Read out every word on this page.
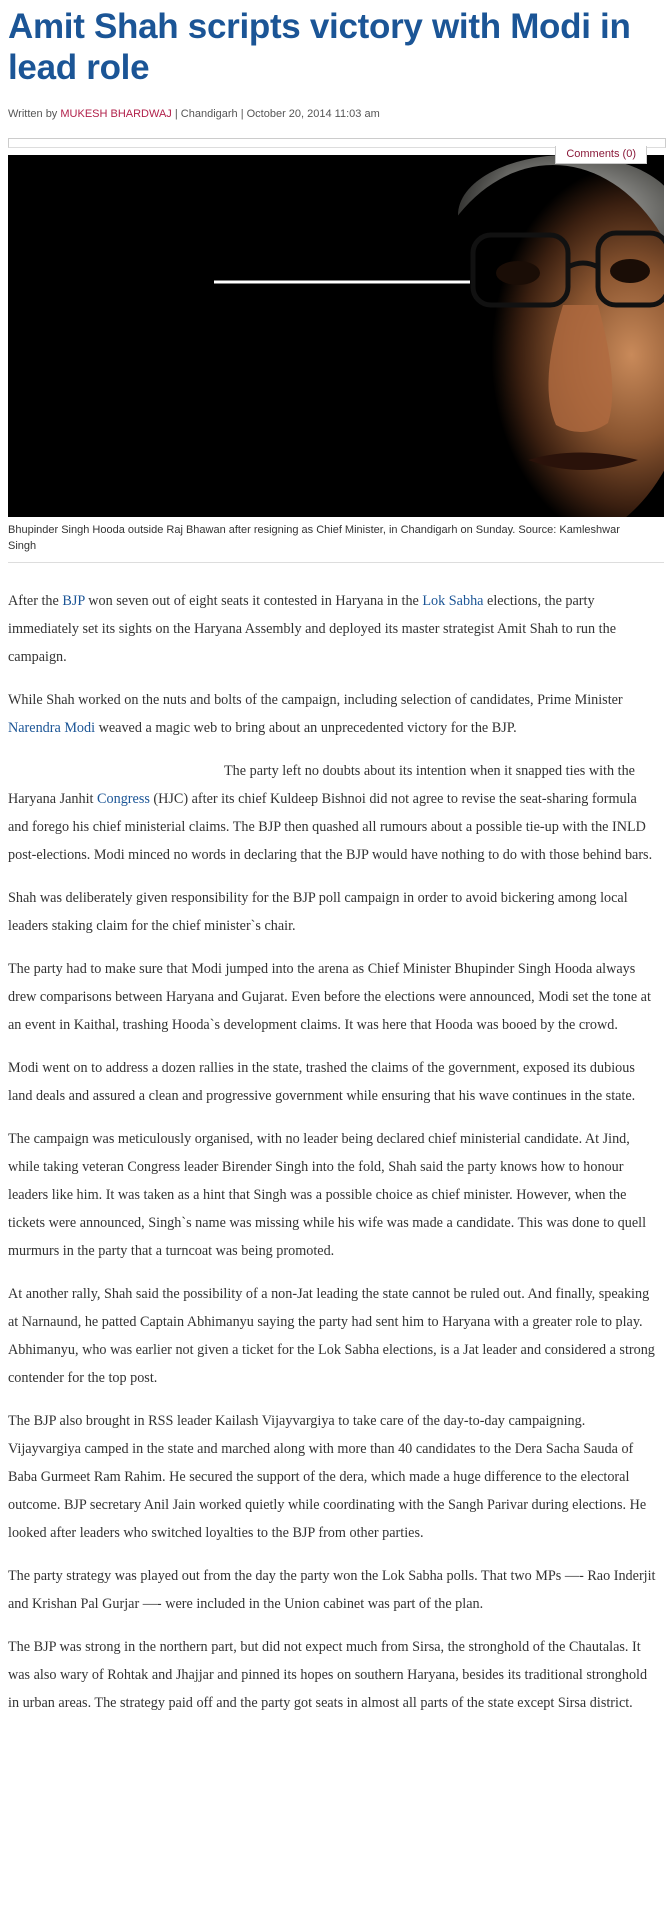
Amit Shah scripts victory with Modi in lead role
Written by MUKESH BHARDWAJ | Chandigarh | October 20, 2014 11:03 am
Comments (0)
Bhupinder Singh Hooda outside Raj Bhawan after resigning as Chief Minister, in Chandigarh on Sunday. Source: Kamleshwar Singh

After the BJP won seven out of eight seats it contested in Haryana in the Lok Sabha elections, the party immediately set its sights on the Haryana Assembly and deployed its master strategist Amit Shah to run the campaign.

While Shah worked on the nuts and bolts of the campaign, including selection of candidates, Prime Minister Narendra Modi weaved a magic web to bring about an unprecedented victory for the BJP.

The party left no doubts about its intention when it snapped ties with the Haryana Janhit Congress (HJC) after its chief Kuldeep Bishnoi did not agree to revise the seat-sharing formula and forego his chief ministerial claims. The BJP then quashed all rumours about a possible tie-up with the INLD post-elections. Modi minced no words in declaring that the BJP would have nothing to do with those behind bars.

Shah was deliberately given responsibility for the BJP poll campaign in order to avoid bickering among local leaders staking claim for the chief minister`s chair.

The party had to make sure that Modi jumped into the arena as Chief Minister Bhupinder Singh Hooda always drew comparisons between Haryana and Gujarat. Even before the elections were announced, Modi set the tone at an event in Kaithal, trashing Hooda`s development claims. It was here that Hooda was booed by the crowd.

Modi went on to address a dozen rallies in the state, trashed the claims of the government, exposed its dubious land deals and assured a clean and progressive government while ensuring that his wave continues in the state.

The campaign was meticulously organised, with no leader being declared chief ministerial candidate. At Jind, while taking veteran Congress leader Birender Singh into the fold, Shah said the party knows how to honour leaders like him. It was taken as a hint that Singh was a possible choice as chief minister. However, when the tickets were announced, Singh`s name was missing while his wife was made a candidate. This was done to quell murmurs in the party that a turncoat was being promoted.

At another rally, Shah said the possibility of a non-Jat leading the state cannot be ruled out. And finally, speaking at Narnaund, he patted Captain Abhimanyu saying the party had sent him to Haryana with a greater role to play. Abhimanyu, who was earlier not given a ticket for the Lok Sabha elections, is a Jat leader and considered a strong contender for the top post.

The BJP also brought in RSS leader Kailash Vijayvargiya to take care of the day-to-day campaigning. Vijayvargiya camped in the state and marched along with more than 40 candidates to the Dera Sacha Sauda of Baba Gurmeet Ram Rahim. He secured the support of the dera, which made a huge difference to the electoral outcome. BJP secretary Anil Jain worked quietly while coordinating with the Sangh Parivar during elections. He looked after leaders who switched loyalties to the BJP from other parties.

The party strategy was played out from the day the party won the Lok Sabha polls. That two MPs —- Rao Inderjit and Krishan Pal Gurjar —- were included in the Union cabinet was part of the plan.

The BJP was strong in the northern part, but did not expect much from Sirsa, the stronghold of the Chautalas. It was also wary of Rohtak and Jhajjar and pinned its hopes on southern Haryana, besides its traditional stronghold in urban areas. The strategy paid off and the party got seats in almost all parts of the state except Sirsa district.
